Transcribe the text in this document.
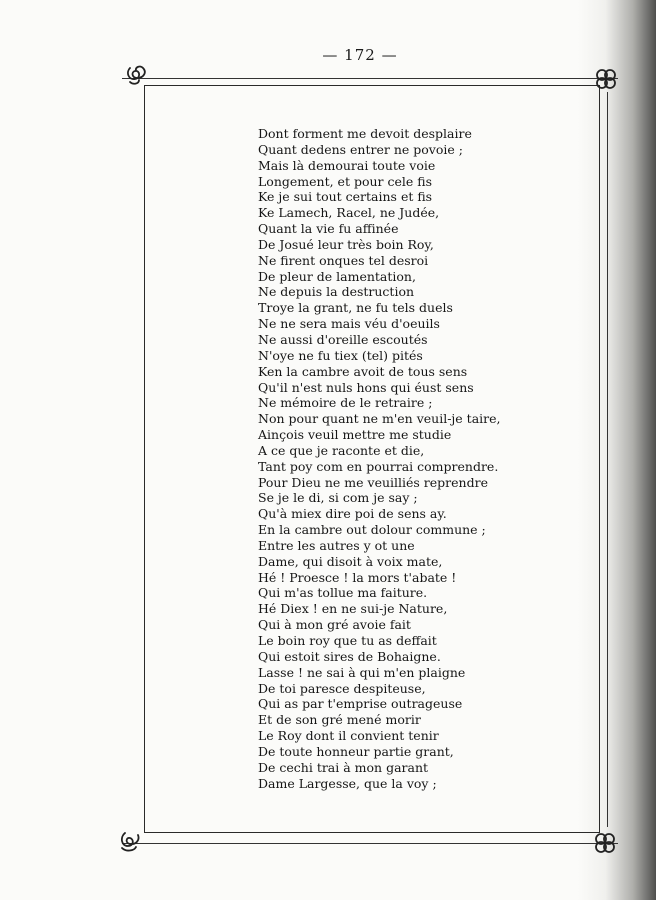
— 172 —
Dont forment me devoit desplaire
Quant dedens entrer ne povoie ;
Mais là demourai toute voie
Longement, et pour cele fis
Ke je sui tout certains et fis
Ke Lamech, Racel, ne Judée,
Quant la vie fu affinée
De Josué leur très boin Roy,
Ne firent onques tel desroi
De pleur de lamentation,
Ne depuis la destruction
Troye la grant, ne fu tels duels
Ne ne sera mais véu d'oeuils
Ne aussi d'oreille escoutés
N'oye ne fu tiex (tel) pités
Ken la cambre avoit de tous sens
Qu'il n'est nuls hons qui éust sens
Ne mémoire de le retraire ;
Non pour quant ne m'en veuil-je taire,
Ainçois veuil mettre me studie
A ce que je raconte et die,
Tant poy com en pourrai comprendre.
Pour Dieu ne me veuilliés reprendre
Se je le di, si com je say ;
Qu'à miex dire poi de sens ay.
En la cambre out dolour commune ;
Entre les autres y ot une
Dame, qui disoit à voix mate,
Hé ! Proesce ! la mors t'abate !
Qui m'as tollue ma faiture.
Hé Diex ! en ne sui-je Nature,
Qui à mon gré avoie fait
Le boin roy que tu as deffait
Qui estoit sires de Bohaigne.
Lasse ! ne sai à qui m'en plaigne
De toi paresce despiteuse,
Qui as par t'emprise outrageuse
Et de son gré mené morir
Le Roy dont il convient tenir
De toute honneur partie grant,
De cechi trai à mon garant
Dame Largesse, que la voy ;
